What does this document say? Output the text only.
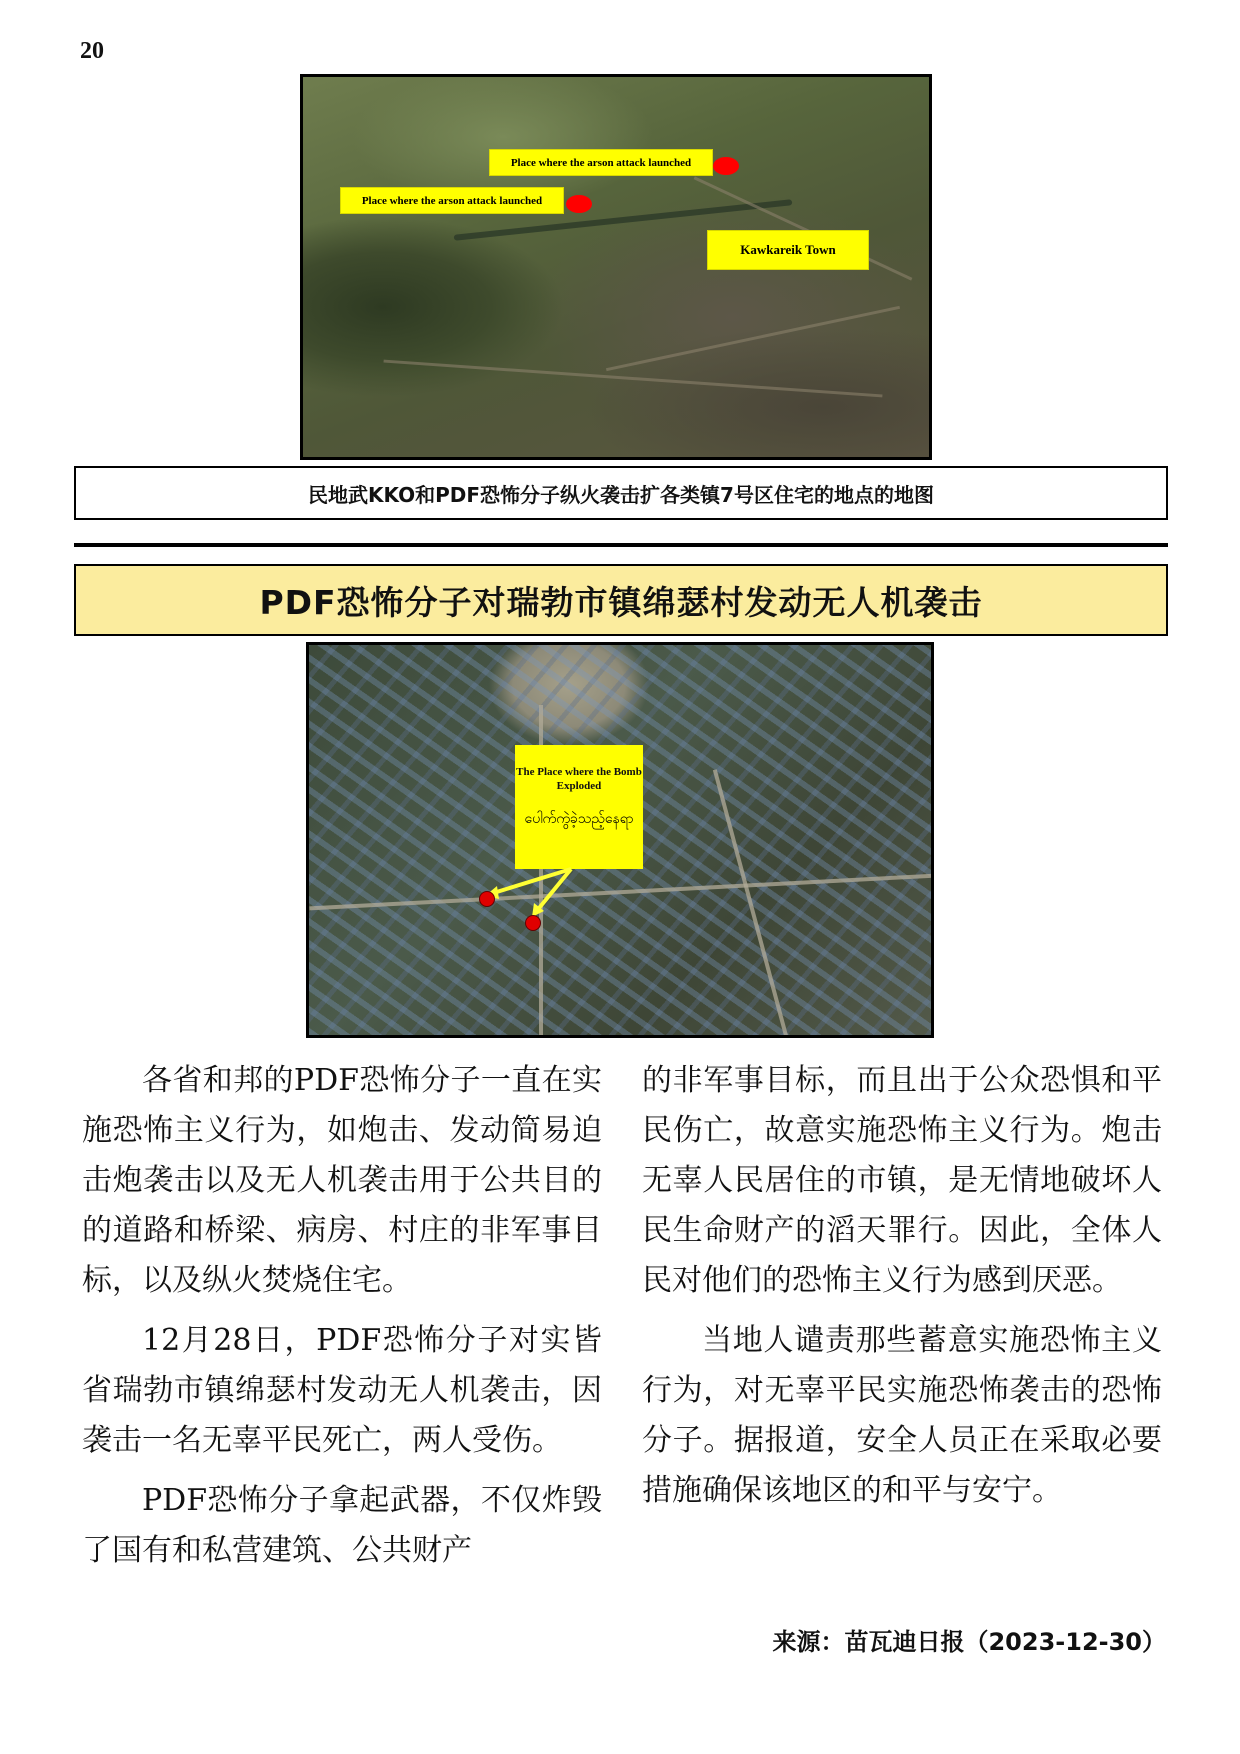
20
Place where the arson attack launched
Place where the arson attack launched
Kawkareik Town
民地武KKO和PDF恐怖分子纵火袭击扩各类镇7号区住宅的地点的地图
PDF恐怖分子对瑞勃市镇绵瑟村发动无人机袭击
The Place where the Bomb Exploded
ပေါက်ကွဲခဲ့သည့်နေရာ

各省和邦的PDF恐怖分子一直在实施恐怖主义行为，如炮击、发动简易迫击炮袭击以及无人机袭击用于公共目的的道路和桥梁、病房、村庄的非军事目标，以及纵火焚烧住宅。

12月28日，PDF恐怖分子对实皆省瑞勃市镇绵瑟村发动无人机袭击，因袭击一名无辜平民死亡，两人受伤。

PDF恐怖分子拿起武器，不仅炸毁了国有和私营建筑、公共财产

的非军事目标，而且出于公众恐惧和平民伤亡，故意实施恐怖主义行为。炮击无辜人民居住的市镇，是无情地破坏人民生命财产的滔天罪行。因此，全体人民对他们的恐怖主义行为感到厌恶。

当地人谴责那些蓄意实施恐怖主义行为，对无辜平民实施恐怖袭击的恐怖分子。据报道，安全人员正在采取必要措施确保该地区的和平与安宁。

来源：苗瓦迪日报（2023-12-30）
